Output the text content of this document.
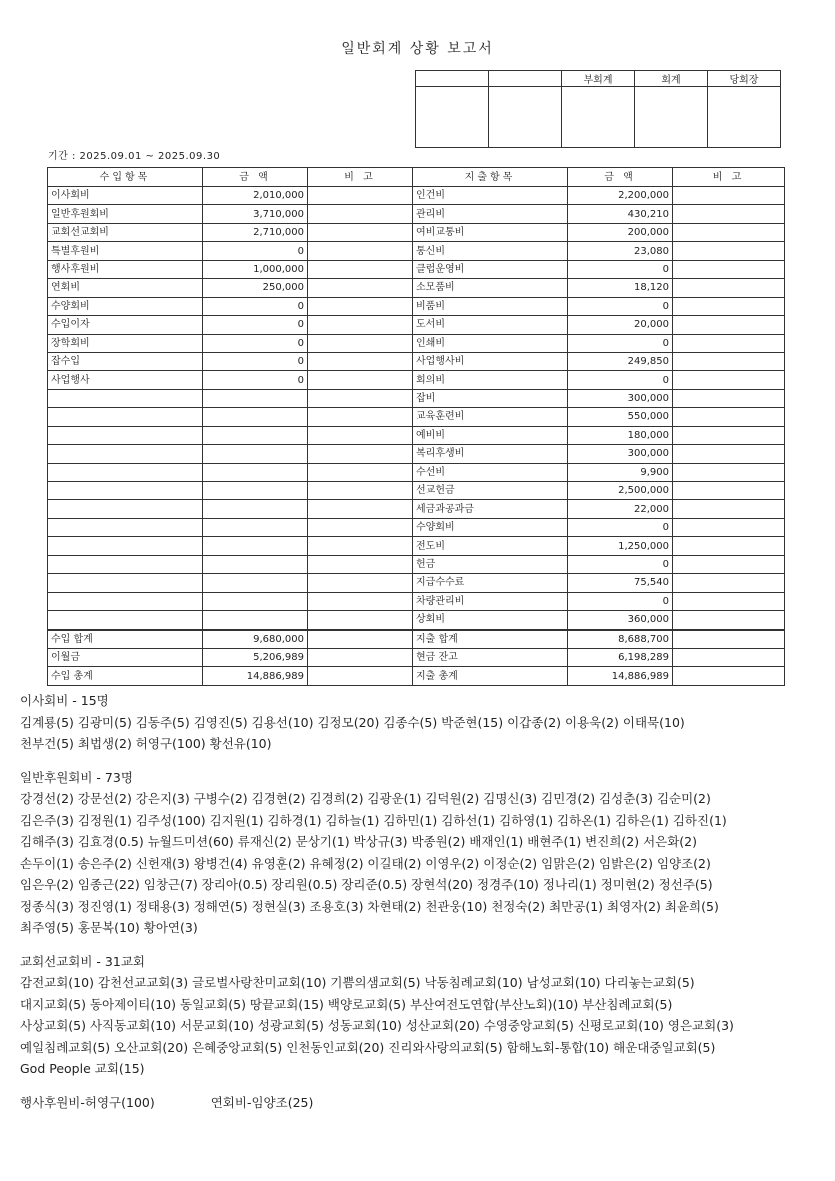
일반회계 상황 보고서
		부회계	회계	당회장

기간 : 2025.09.01 ~ 2025.09.30
수입항목	금 액	비 고	지출항목	금 액	비 고
이사회비	2,010,000		인건비	2,200,000	
일반후원회비	3,710,000		관리비	430,210	
교회선교회비	2,710,000		여비교통비	200,000	
특별후원비	0		통신비	23,080	
행사후원비	1,000,000		클럽운영비	0	
연회비	250,000		소모품비	18,120	
수양회비	0		비품비	0	
수입이자	0		도서비	20,000	
장학회비	0		인쇄비	0	
잡수입	0		사업행사비	249,850	
사업행사	0		회의비	0	
			잡비	300,000	
			교육훈련비	550,000	
			예비비	180,000	
			복리후생비	300,000	
			수선비	9,900	
			선교헌금	2,500,000	
			세금과공과금	22,000	
			수양회비	0	
			전도비	1,250,000	
			헌금	0	
			지급수수료	75,540	
			차량관리비	0	
			상회비	360,000	
수입 합계	9,680,000		지출 합계	8,688,700	
이월금	5,206,989		현금 잔고	6,198,289	
수입 총계	14,886,989		지출 총계	14,886,989	
이사회비 - 15명
김계룡(5) 김광미(5) 김동주(5) 김영진(5) 김용선(10) 김정모(20) 김종수(5) 박준현(15) 이갑종(2) 이용욱(2) 이태묵(10)
천부건(5) 최법생(2) 허영구(100) 황선유(10)
일반후원회비 - 73명
강경선(2) 강문선(2) 강은지(3) 구병수(2) 김경현(2) 김경희(2) 김광운(1) 김덕원(2) 김명신(3) 김민경(2) 김성춘(3) 김순미(2)
김은주(3) 김정원(1) 김주성(100) 김지원(1) 김하경(1) 김하늘(1) 김하민(1) 김하선(1) 김하영(1) 김하온(1) 김하은(1) 김하진(1)
김해주(3) 김효경(0.5) 뉴월드미션(60) 류재신(2) 문상기(1) 박상규(3) 박종원(2) 배재인(1) 배현주(1) 변진희(2) 서은화(2)
손두이(1) 송은주(2) 신헌재(3) 왕병건(4) 유영훈(2) 유혜정(2) 이길태(2) 이영우(2) 이정순(2) 임맑은(2) 임밝은(2) 임양조(2)
임은우(2) 임종근(22) 임창근(7) 장리아(0.5) 장리원(0.5) 장리준(0.5) 장현석(20) 정경주(10) 정나리(1) 정미현(2) 정선주(5)
정종식(3) 정진영(1) 정태용(3) 정해연(5) 정현실(3) 조용호(3) 차현태(2) 천관웅(10) 천정숙(2) 최만공(1) 최영자(2) 최윤희(5)
최주영(5) 홍문복(10) 황아연(3)
교회선교회비 - 31교회
감전교회(10) 감천선교교회(3) 글로벌사랑찬미교회(10) 기쁨의샘교회(5) 낙동침례교회(10) 남성교회(10) 다리놓는교회(5)
대지교회(5) 동아제이티(10) 동일교회(5) 땅끝교회(15) 백양로교회(5) 부산여전도연합(부산노회)(10) 부산침례교회(5)
사상교회(5) 사직동교회(10) 서문교회(10) 성광교회(5) 성동교회(10) 성산교회(20) 수영중앙교회(5) 신평로교회(10) 영은교회(3)
예일침례교회(5) 오산교회(20) 은혜중앙교회(5) 인천동인교회(20) 진리와사랑의교회(5) 함해노회-통합(10) 해운대중일교회(5)
God People 교회(15)
행사후원비-허영구(100)	연회비-임양조(25)
